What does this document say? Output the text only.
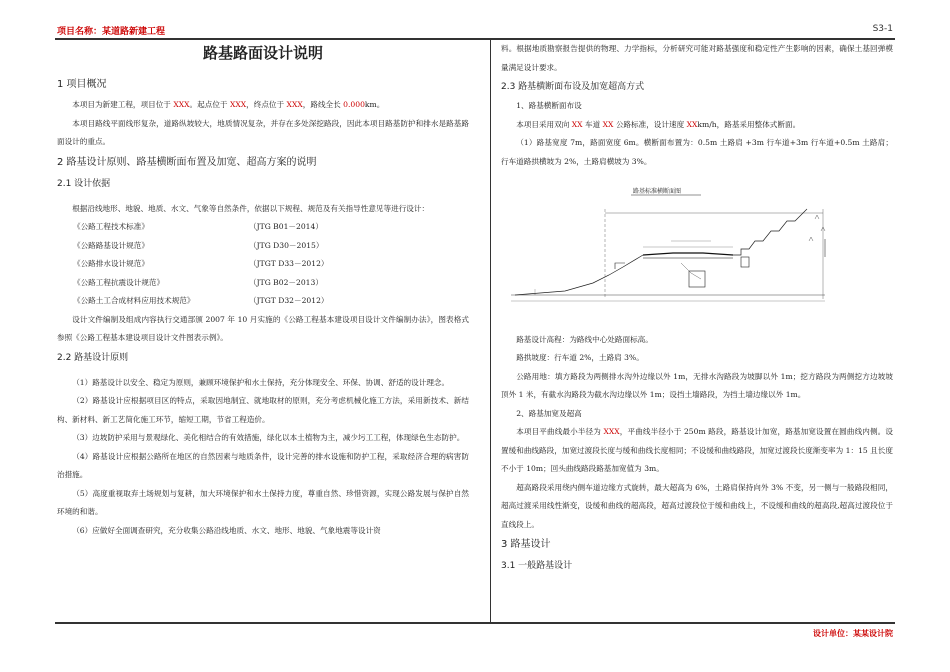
项目名称：某道路新建工程	S3-1
设计单位：某某设计院
路基路面设计说明
1 项目概况
本项目为新建工程，项目位于 XXX。起点位于 XXX，终点位于 XXX，路线全长 0.000km。
本项目路线平面线形复杂，道路纵坡较大，地质情况复杂，并存在多处深挖路段，因此本项目路基防护和排水是路基路面设计的重点。
2 路基设计原则、路基横断面布置及加宽、超高方案的说明
2.1 设计依据
根据沿线地形、地貌、地质、水文、气象等自然条件，依据以下规程、规范及有关指导性意见等进行设计：
《公路工程技术标准》	（JTG B01－2014）
《公路路基设计规范》	（JTG D30－2015）
《公路排水设计规范》	（JTGT D33－2012）
《公路工程抗震设计规范》	（JTG B02－2013）
《公路土工合成材料应用技术规范》	（JTGT D32－2012）
设计文件编制及组成内容执行交通部颁 2007 年 10 月实施的《公路工程基本建设项目设计文件编制办法》，图表格式参照《公路工程基本建设项目设计文件图表示例》。
2.2 路基设计原则
（1）路基设计以安全、稳定为原则，兼顾环境保护和水土保持，充分体现安全、环保、协调、舒适的设计理念。
（2）路基设计应根据项目区的特点，采取因地制宜、就地取材的原则，充分考虑机械化施工方法，采用新技术、新结构、新材料、新工艺简化施工环节，缩短工期，节省工程造价。
（3）边坡防护采用与景观绿化、美化相结合的有效措施，绿化以本土植物为主，减少圬工工程，体现绿色生态防护。
（4）路基设计应根据公路所在地区的自然因素与地质条件，设计完善的排水设施和防护工程，采取经济合理的病害防治措施。
（5）高度重视取弃土场规划与复耕，加大环境保护和水土保持力度，尊重自然、珍惜资源，实现公路发展与保护自然环境的和谐。
（6）应做好全面调查研究，充分收集公路沿线地质、水文、地形、地貌、气象地震等设计资
料。根据地质勘察报告提供的物理、力学指标，分析研究可能对路基强度和稳定性产生影响的因素，确保土基回弹模量满足设计要求。
2.3 路基横断面布设及加宽超高方式
1、路基横断面布设
本项目采用双向 XX 车道 XX 公路标准，设计速度 XXkm/h，路基采用整体式断面。
（1）路基宽度 7m，路面宽度 6m。横断面布置为：0.5m 土路肩 +3m 行车道+3m 行车道+0.5m 土路肩；行车道路拱横坡为 2%，土路肩横坡为 3%。
路基标准横断面图
路基设计高程：为路线中心处路面标高。
路拱坡度：行车道 2%，土路肩 3%。
公路用地：填方路段为两侧排水沟外边缘以外 1m，无排水沟路段为坡脚以外 1m；挖方路段为两侧挖方边坡坡顶外 1 米，有截水沟路段为截水沟边缘以外 1m；设挡土墙路段，为挡土墙边缘以外 1m。
2、路基加宽及超高
本项目平曲线最小半径为 XXX，平曲线半径小于 250m 路段，路基设计加宽，路基加宽设置在圆曲线内侧。设置缓和曲线路段，加宽过渡段长度与缓和曲线长度相同；不设缓和曲线路段，加宽过渡段长度渐变率为 1：15 且长度不小于 10m；回头曲线路段路基加宽值为 3m。
超高路段采用绕内侧车道边缘方式旋转，最大超高为 6%，土路肩保持向外 3% 不变，另一侧与一般路段相同，超高过渡采用线性渐变，设缓和曲线的超高段，超高过渡段位于缓和曲线上，不设缓和曲线的超高段,超高过渡段位于直线段上。
3 路基设计
3.1 一般路基设计
